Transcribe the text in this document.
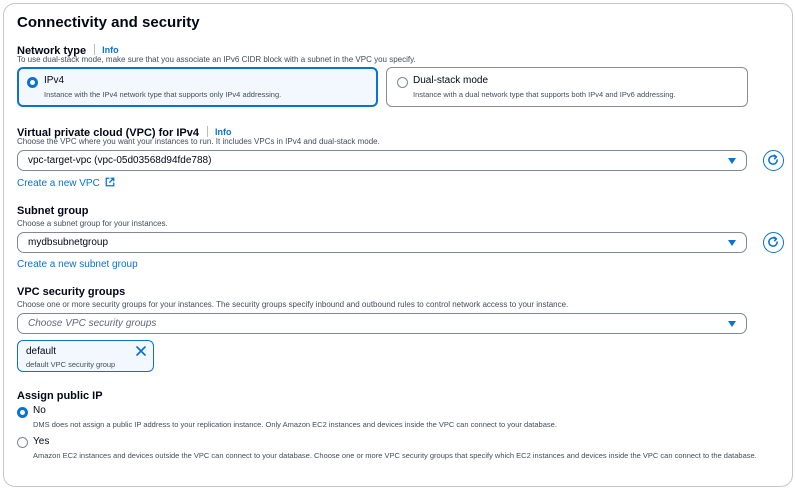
Connectivity and security
Network type Info
To use dual-stack mode, make sure that you associate an IPv6 CIDR block with a subnet in the VPC you specify.
IPv4
Instance with the IPv4 network type that supports only IPv4 addressing.
Dual-stack mode
Instance with a dual network type that supports both IPv4 and IPv6 addressing.
Virtual private cloud (VPC) for IPv4 Info
Choose the VPC where you want your instances to run. It includes VPCs in IPv4 and dual-stack mode.
vpc-target-vpc (vpc-05d03568d94fde788)
Create a new VPC
Subnet group
Choose a subnet group for your instances.
mydbsubnetgroup
Create a new subnet group
VPC security groups
Choose one or more security groups for your instances. The security groups specify inbound and outbound rules to control network access to your instance.
Choose VPC security groups
default
default VPC security group
Assign public IP
No
DMS does not assign a public IP address to your replication instance. Only Amazon EC2 instances and devices inside the VPC can connect to your database.
Yes
Amazon EC2 instances and devices outside the VPC can connect to your database. Choose one or more VPC security groups that specify which EC2 instances and devices inside the VPC can connect to the database.
